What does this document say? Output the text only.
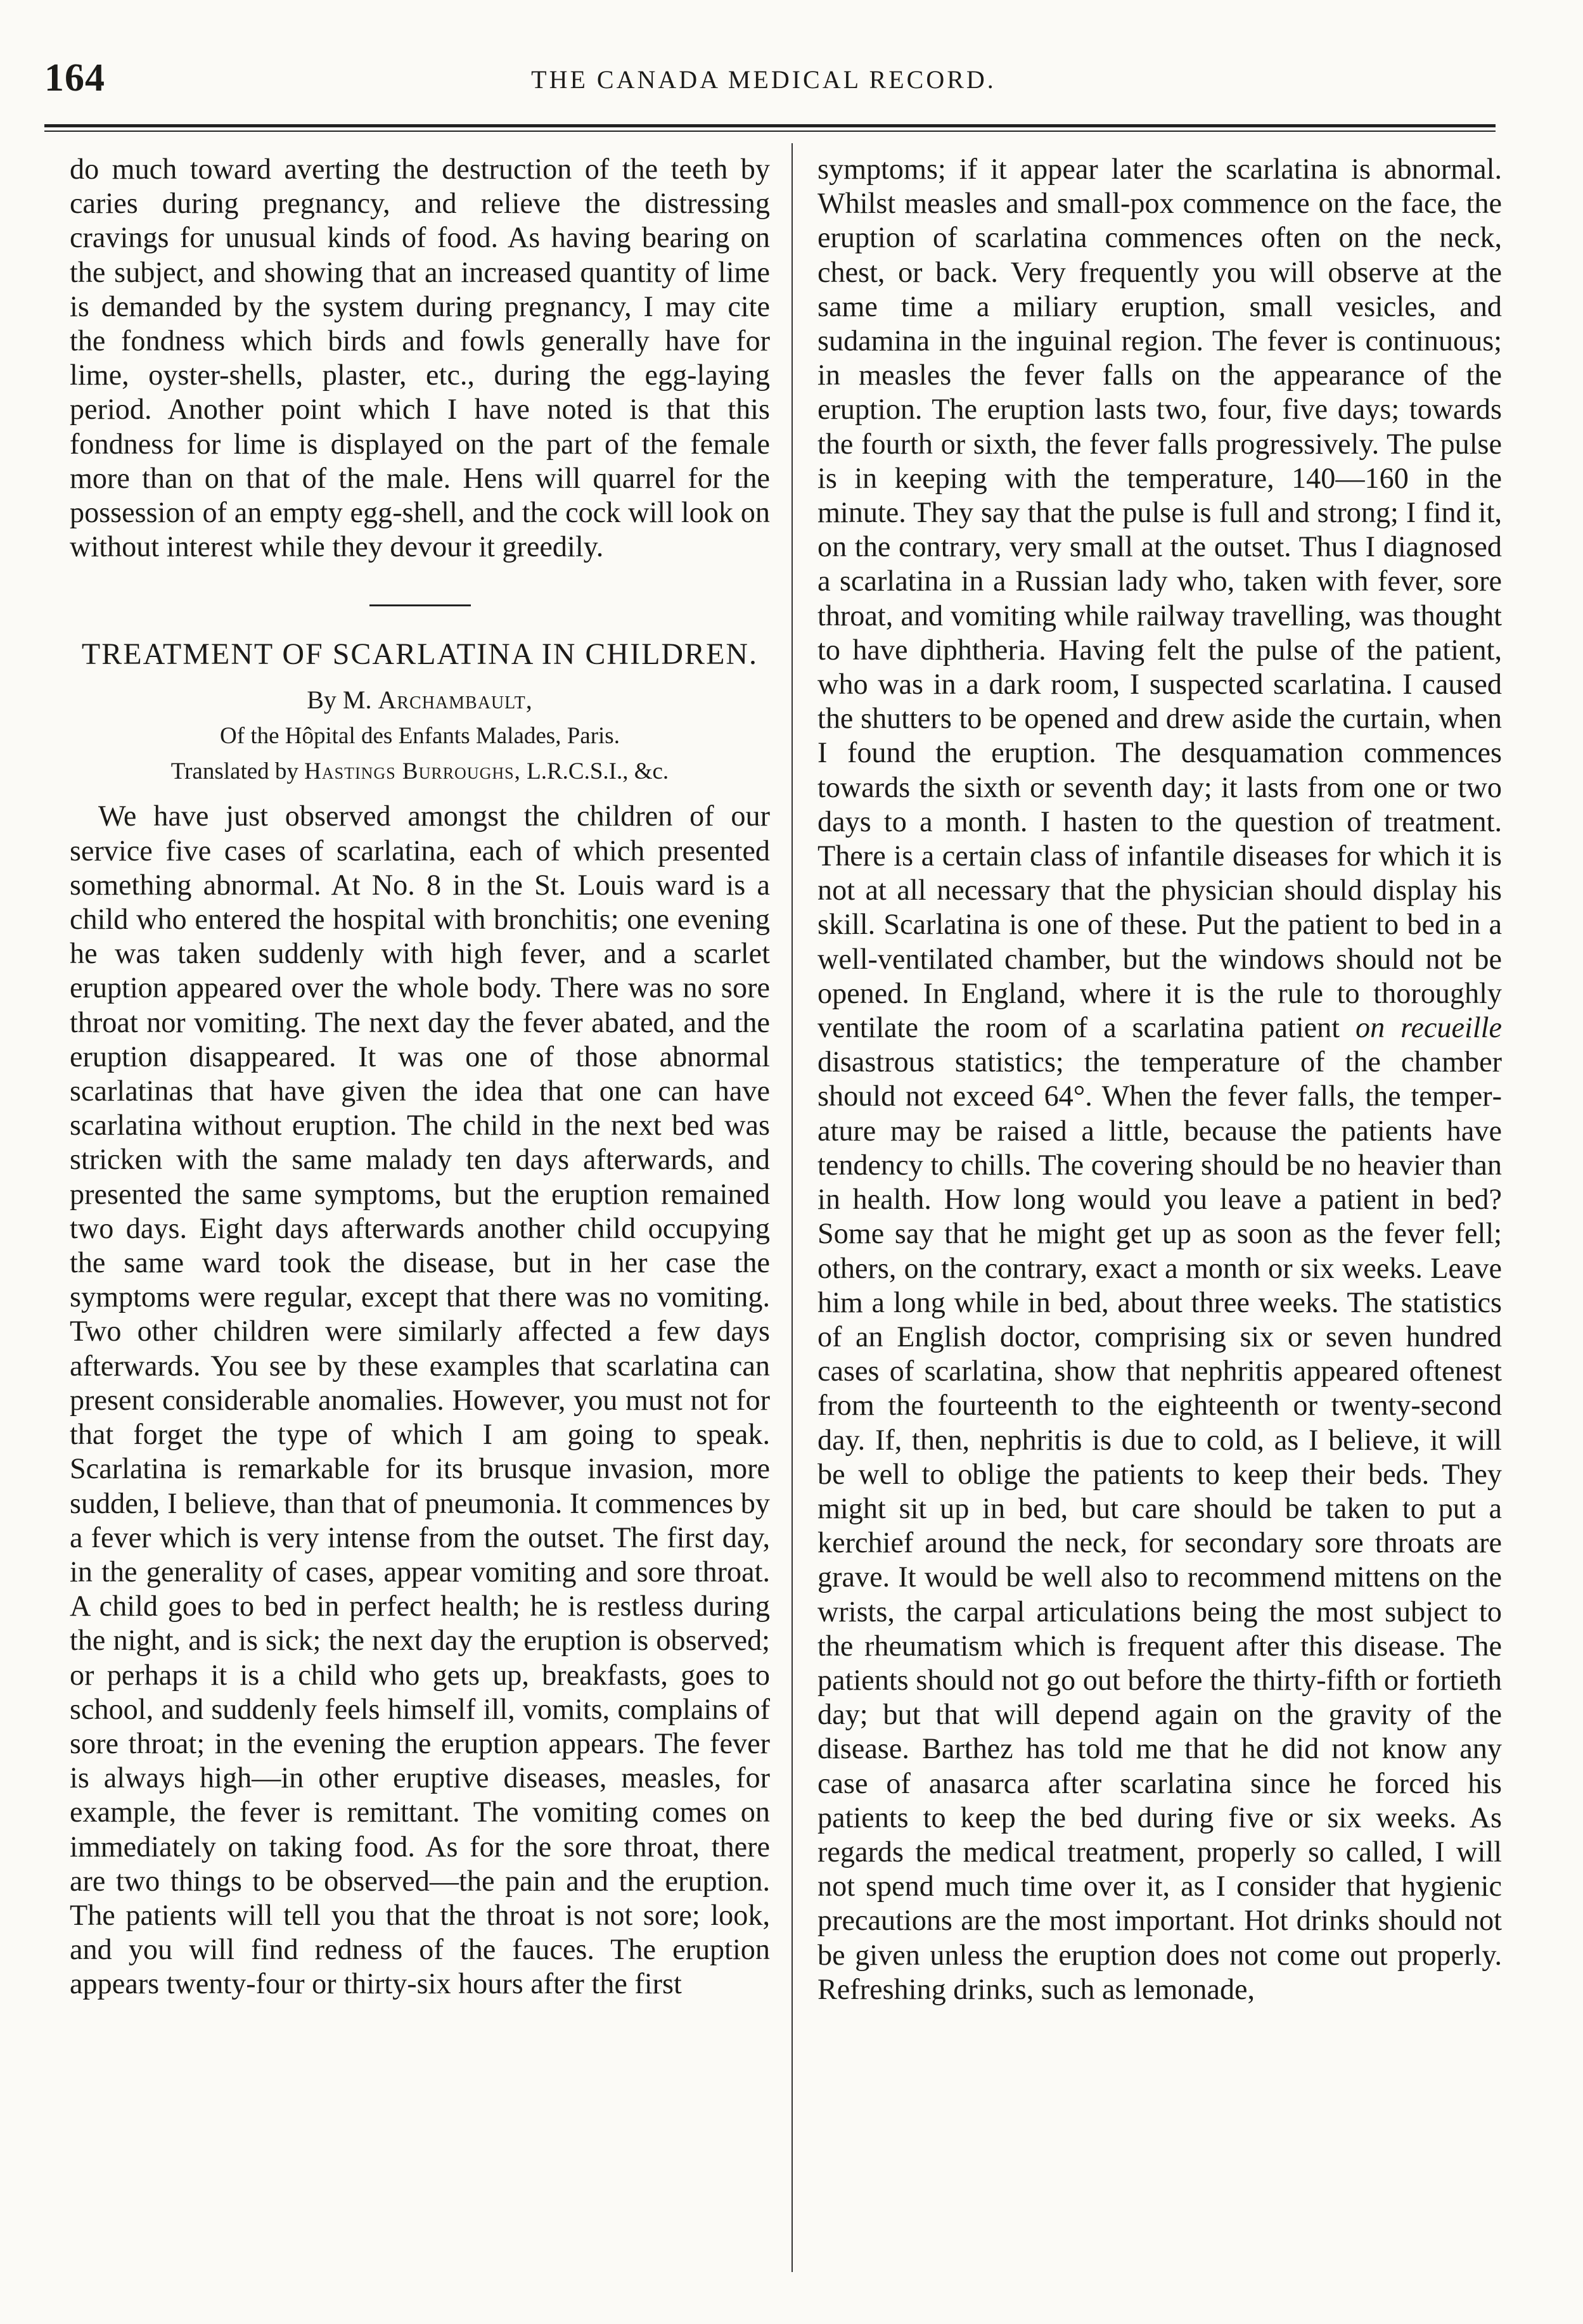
164	THE CANADA MEDICAL RECORD.

do much toward averting the destruction of the teeth by caries during pregnancy, and relieve the distressing cravings for unusual kinds of food. As having bearing on the subject, and showing that an increased quantity of lime is demanded by the system during pregnancy, I may cite the fondness which birds and fowls generally have for lime, oyster-shells, plaster, etc., during the egg-laying period. Another point which I have noted is that this fondness for lime is displayed on the part of the female more than on that of the male. Hens will quarrel for the possession of an empty egg-shell, and the cock will look on without interest while they devour it greedily.

TREATMENT OF SCARLATINA IN CHILDREN.
By M. Archambault,
Of the Hôpital des Enfants Malades, Paris.
Translated by Hastings Burroughs, L.R.C.S.I., &c.

We have just observed amongst the children of our service five cases of scarlatina, each of which presented something abnormal. At No. 8 in the St. Louis ward is a child who entered the hospital with bronchitis; one evening he was taken suddenly with high fever, and a scarlet eruption appeared over the whole body. There was no sore throat nor vomiting. The next day the fever abated, and the eruption disappeared. It was one of those abnormal scarlatinas that have given the idea that one can have scarlatina without eruption. The child in the next bed was stricken with the same malady ten days afterwards, and presented the same symptoms, but the eruption remained two days. Eight days afterwards another child occupying the same ward took the disease, but in her case the symptoms were regular, except that there was no vomiting. Two other children were similarly affected a few days afterwards. You see by these examples that scarlatina can present considerable anomalies. However, you must not for that forget the type of which I am going to speak. Scarlatina is remarkable for its brusque invasion, more sudden, I believe, than that of pneumonia. It commences by a fever which is very intense from the outset. The first day, in the generality of cases, appear vomiting and sore throat. A child goes to bed in perfect health; he is restless during the night, and is sick; the next day the eruption is observed; or perhaps it is a child who gets up, breakfasts, goes to school, and suddenly feels himself ill, vomits, complains of sore throat; in the evening the eruption appears. The fever is always high—in other eruptive diseases, measles, for example, the fever is remittant. The vomiting comes on immediately on taking food. As for the sore throat, there are two things to be observed—the pain and the eruption. The patients will tell you that the throat is not sore; look, and you will find redness of the fauces. The eruption appears twenty-four or thirty-six hours after the first

symptoms; if it appear later the scarlatina is abnormal. Whilst measles and small-pox commence on the face, the eruption of scarlatina commences often on the neck, chest, or back. Very frequently you will observe at the same time a miliary eruption, small vesicles, and sudamina in the inguinal region. The fever is continuous; in measles the fever falls on the appearance of the eruption. The eruption lasts two, four, five days; towards the fourth or sixth, the fever falls progressively. The pulse is in keeping with the temperature, 140—160 in the minute. They say that the pulse is full and strong; I find it, on the contrary, very small at the outset. Thus I diagnosed a scarlatina in a Russian lady who, taken with fever, sore throat, and vomiting while railway travelling, was thought to have diphtheria. Having felt the pulse of the patient, who was in a dark room, I suspected scarlatina. I caused the shutters to be opened and drew aside the curtain, when I found the eruption. The desquamation commences towards the sixth or seventh day; it lasts from one or two days to a month. I hasten to the question of treatment. There is a certain class of infantile diseases for which it is not at all necessary that the physician should display his skill. Scarlatina is one of these. Put the patient to bed in a well-ventilated chamber, but the windows should not be opened. In England, where it is the rule to thoroughly ventilate the room of a scarlatina patient on recueille disastrous statistics; the temperature of the chamber should not exceed 64°. When the fever falls, the temperature may be raised a little, because the patients have tendency to chills. The covering should be no heavier than in health. How long would you leave a patient in bed? Some say that he might get up as soon as the fever fell; others, on the contrary, exact a month or six weeks. Leave him a long while in bed, about three weeks. The statistics of an English doctor, comprising six or seven hundred cases of scarlatina, show that nephritis appeared oftenest from the fourteenth to the eighteenth or twenty-second day. If, then, nephritis is due to cold, as I believe, it will be well to oblige the patients to keep their beds. They might sit up in bed, but care should be taken to put a kerchief around the neck, for secondary sore throats are grave. It would be well also to recommend mittens on the wrists, the carpal articulations being the most subject to the rheumatism which is frequent after this disease. The patients should not go out before the thirty-fifth or fortieth day; but that will depend again on the gravity of the disease. Barthez has told me that he did not know any case of anasarca after scarlatina since he forced his patients to keep the bed during five or six weeks. As regards the medical treatment, properly so called, I will not spend much time over it, as I consider that hygienic precautions are the most important. Hot drinks should not be given unless the eruption does not come out properly. Refreshing drinks, such as lemonade,
